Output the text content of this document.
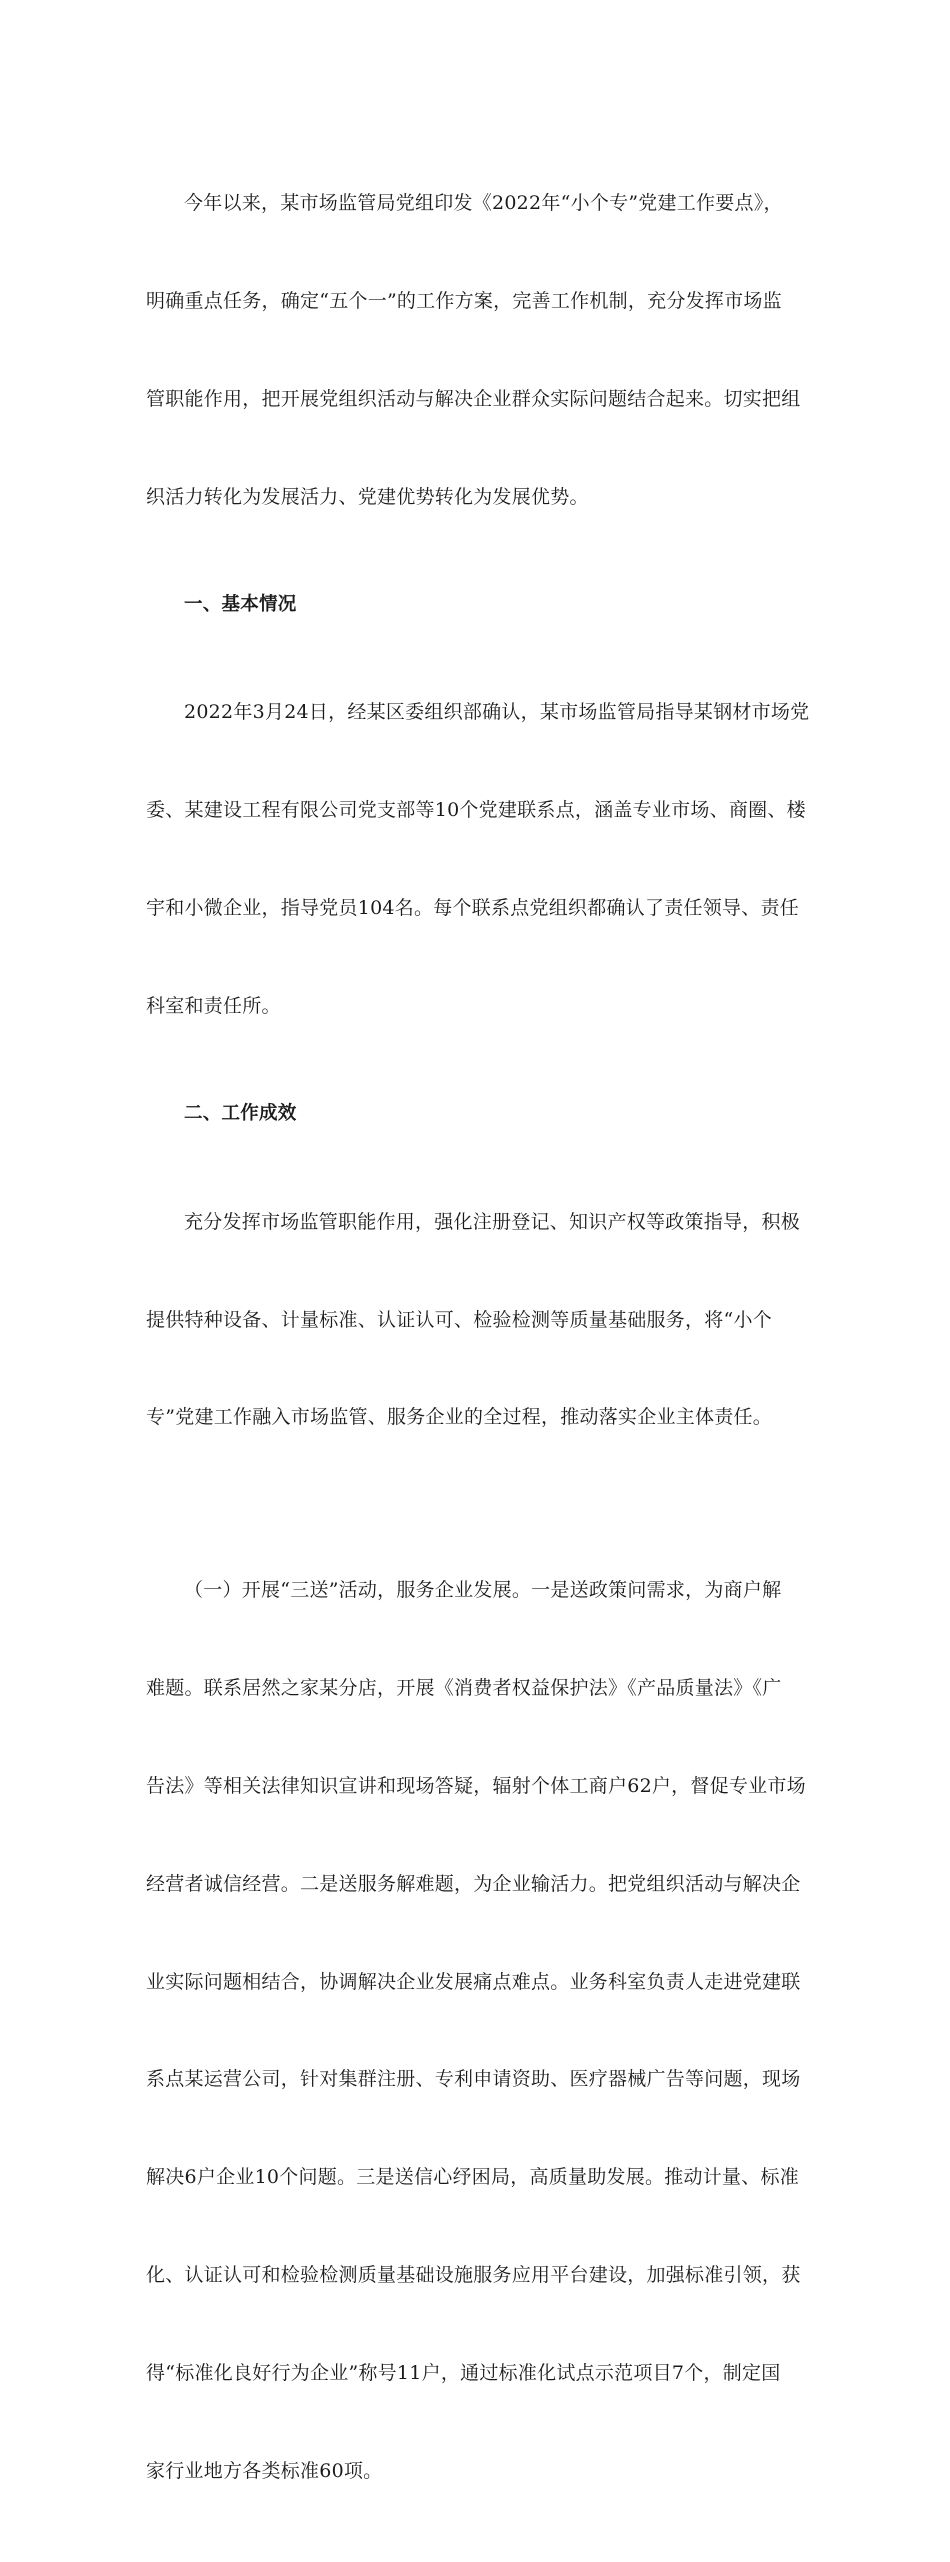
今年以来，某市场监管局党组印发《2022年“小个专”党建工作要点》，

明确重点任务，确定“五个一”的工作方案，完善工作机制，充分发挥市场监

管职能作用，把开展党组织活动与解决企业群众实际问题结合起来。切实把组

织活力转化为发展活力、党建优势转化为发展优势。

一、基本情况

2022年3月24日，经某区委组织部确认，某市场监管局指导某钢材市场党

委、某建设工程有限公司党支部等10个党建联系点，涵盖专业市场、商圈、楼

宇和小微企业，指导党员104名。每个联系点党组织都确认了责任领导、责任

科室和责任所。

二、工作成效

充分发挥市场监管职能作用，强化注册登记、知识产权等政策指导，积极

提供特种设备、计量标准、认证认可、检验检测等质量基础服务，将“小个

专”党建工作融入市场监管、服务企业的全过程，推动落实企业主体责任。

（一）开展“三送”活动，服务企业发展。一是送政策问需求，为商户解

难题。联系居然之家某分店，开展《消费者权益保护法》《产品质量法》《广

告法》等相关法律知识宣讲和现场答疑，辐射个体工商户62户，督促专业市场

经营者诚信经营。二是送服务解难题，为企业输活力。把党组织活动与解决企

业实际问题相结合，协调解决企业发展痛点难点。业务科室负责人走进党建联

系点某运营公司，针对集群注册、专利申请资助、医疗器械广告等问题，现场

解决6户企业10个问题。三是送信心纾困局，高质量助发展。推动计量、标准

化、认证认可和检验检测质量基础设施服务应用平台建设，加强标准引领，获

得“标准化良好行为企业”称号11户，通过标准化试点示范项目7个，制定国

家行业地方各类标准60项。
